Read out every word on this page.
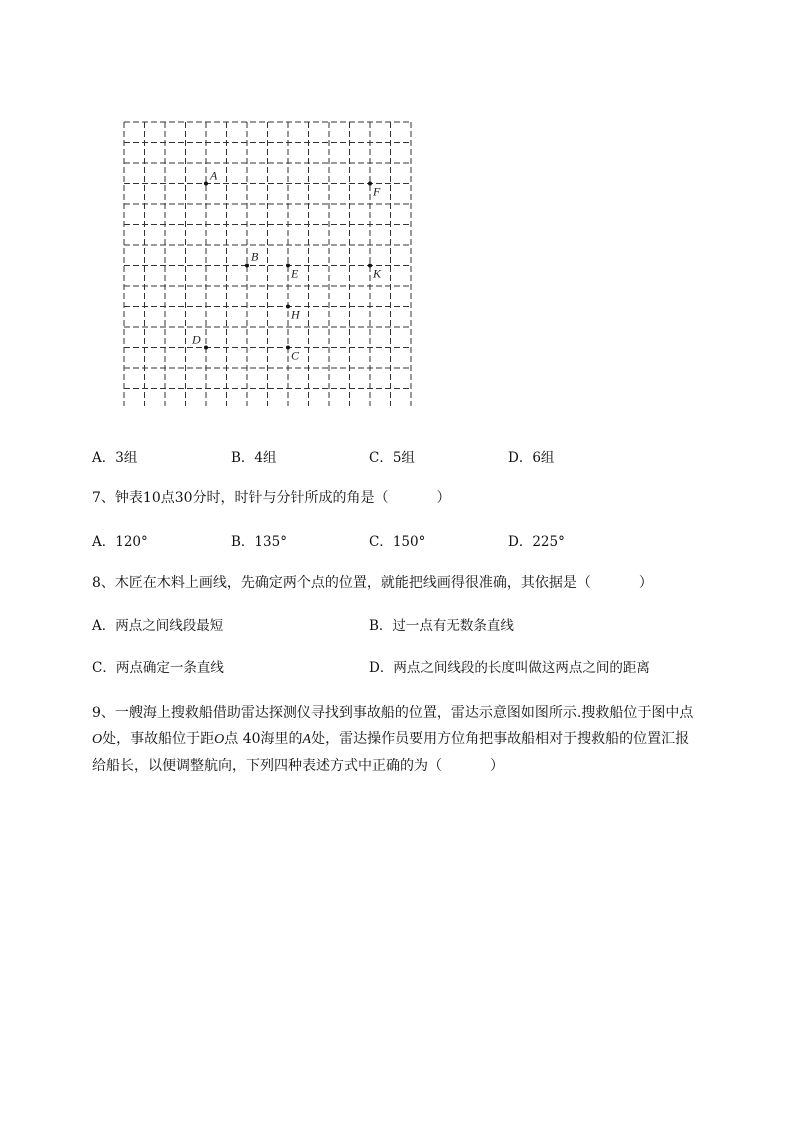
A
F
B
E	K
H
D
C
A．3组	B．4组	C．5组	D．6组
7、钟表10点30分时，时针与分针所成的角是（	）
A．120°	B．135°	C．150°	D．225°
8、木匠在木料上画线，先确定两个点的位置，就能把线画得很准确，其依据是（	）
A．两点之间线段最短	B．过一点有无数条直线
C．两点确定一条直线	D．两点之间线段的长度叫做这两点之间的距离

9、一艘海上搜救船借助雷达探测仪寻找到事故船的位置，雷达示意图如图所示.搜救船位于图中点

O处，事故船位于距O点 40海里的A处，雷达操作员要用方位角把事故船相对于搜救船的位置汇报

给船长，以便调整航向，下列四种表述方式中正确的为（	）
